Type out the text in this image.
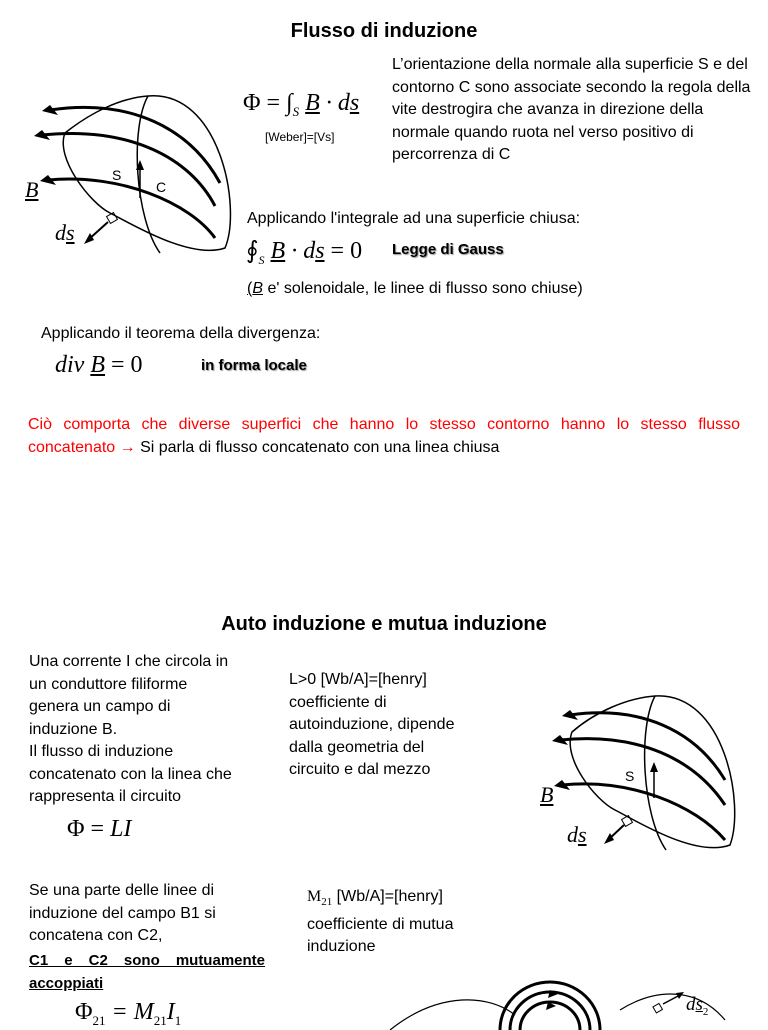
Flusso di induzione
B
S
C
ds
$\Phi = \int_S$ B · ds
[Weber]=[Vs]
L’orientazione della normale alla superficie S e del contorno C sono associate secondo la regola della vite destrogira che avanza in direzione della normale quando ruota nel verso positivo di percorrenza di C
Applicando l'integrale ad una superficie chiusa:
$∮_S$ B · ds = 0 Legge di Gauss
(B e' solenoidale, le linee di flusso sono chiuse)
Applicando il teorema della divergenza:
div B = 0	in forma locale
Ciò comporta che diverse superfici che hanno lo stesso contorno hanno lo stesso flusso concatenato → Si parla di flusso concatenato con una linea chiusa
Auto induzione e mutua induzione
Una corrente I che circola in
un conduttore filiforme
genera un campo di
induzione B.
Il flusso di induzione
concatenato con la linea che
rappresenta il circuito
Φ = LI
L>0 [Wb/A]=[henry]
coefficiente di
autoinduzione, dipende
dalla geometria del
circuito e dal mezzo
B
S
ds
Se una parte delle linee di
induzione del campo B1 si
concatena con C2,
C1 e C2 sono mutuamente
accoppiati
$M_{21}$ [Wb/A]=[henry]
coefficiente di mutua
induzione
$\Phi_{21} = M_{21}I_1$
$ds_2$
